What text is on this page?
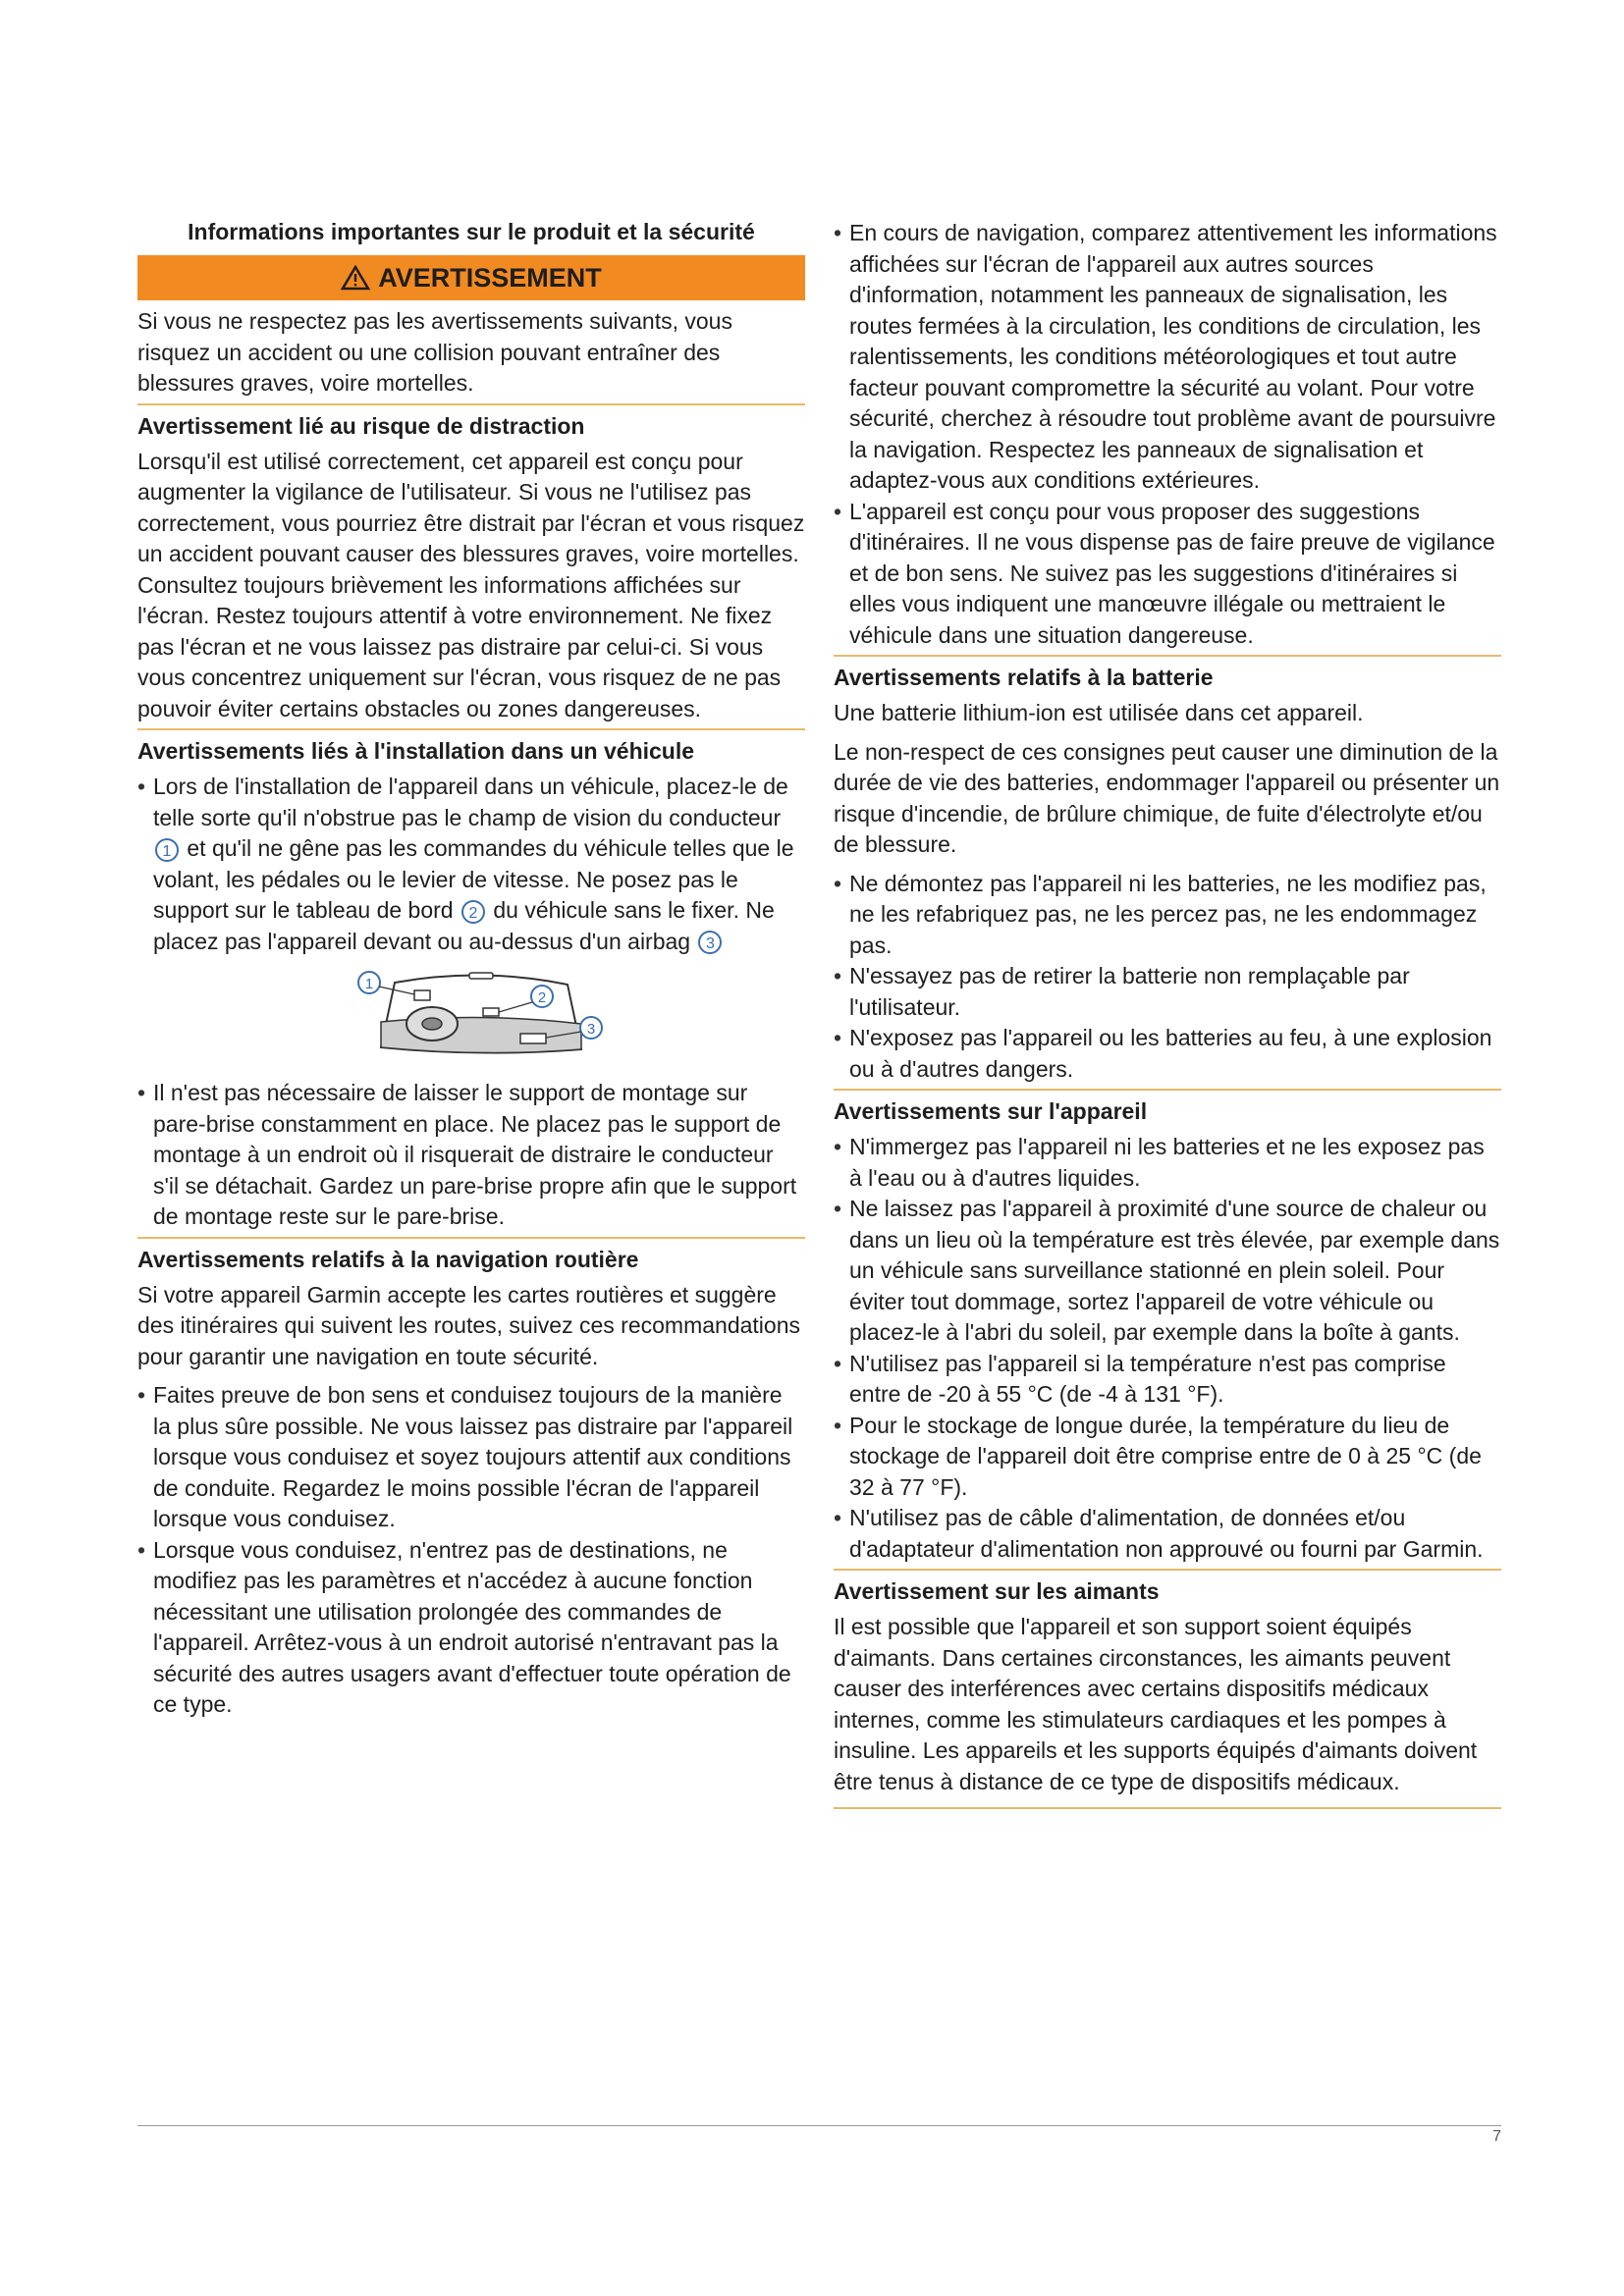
Informations importantes sur le produit et la sécurité

AVERTISSEMENT

Si vous ne respectez pas les avertissements suivants, vous risquez un accident ou une collision pouvant entraîner des blessures graves, voire mortelles.

Avertissement lié au risque de distraction

Lorsqu'il est utilisé correctement, cet appareil est conçu pour augmenter la vigilance de l'utilisateur. Si vous ne l'utilisez pas correctement, vous pourriez être distrait par l'écran et vous risquez un accident pouvant causer des blessures graves, voire mortelles. Consultez toujours brièvement les informations affichées sur l'écran. Restez toujours attentif à votre environnement. Ne fixez pas l'écran et ne vous laissez pas distraire par celui-ci. Si vous vous concentrez uniquement sur l'écran, vous risquez de ne pas pouvoir éviter certains obstacles ou zones dangereuses.

Avertissements liés à l'installation dans un véhicule

• Lors de l'installation de l'appareil dans un véhicule, placez-le de telle sorte qu'il n'obstrue pas le champ de vision du conducteur 1 et qu'il ne gêne pas les commandes du véhicule telles que le volant, les pédales ou le levier de vitesse. Ne posez pas le support sur le tableau de bord 2 du véhicule sans le fixer. Ne placez pas l'appareil devant ou au-dessus d'un airbag 3
1
2
3
• Il n'est pas nécessaire de laisser le support de montage sur pare-brise constamment en place. Ne placez pas le support de montage à un endroit où il risquerait de distraire le conducteur s'il se détachait. Gardez un pare-brise propre afin que le support de montage reste sur le pare-brise.

Avertissements relatifs à la navigation routière

Si votre appareil Garmin accepte les cartes routières et suggère des itinéraires qui suivent les routes, suivez ces recommandations pour garantir une navigation en toute sécurité.

• Faites preuve de bon sens et conduisez toujours de la manière la plus sûre possible. Ne vous laissez pas distraire par l'appareil lorsque vous conduisez et soyez toujours attentif aux conditions de conduite. Regardez le moins possible l'écran de l'appareil lorsque vous conduisez.
• Lorsque vous conduisez, n'entrez pas de destinations, ne modifiez pas les paramètres et n'accédez à aucune fonction nécessitant une utilisation prolongée des commandes de l'appareil. Arrêtez-vous à un endroit autorisé n'entravant pas la sécurité des autres usagers avant d'effectuer toute opération de ce type.
• En cours de navigation, comparez attentivement les informations affichées sur l'écran de l'appareil aux autres sources d'information, notamment les panneaux de signalisation, les routes fermées à la circulation, les conditions de circulation, les ralentissements, les conditions météorologiques et tout autre facteur pouvant compromettre la sécurité au volant. Pour votre sécurité, cherchez à résoudre tout problème avant de poursuivre la navigation. Respectez les panneaux de signalisation et adaptez-vous aux conditions extérieures.
• L'appareil est conçu pour vous proposer des suggestions d'itinéraires. Il ne vous dispense pas de faire preuve de vigilance et de bon sens. Ne suivez pas les suggestions d'itinéraires si elles vous indiquent une manœuvre illégale ou mettraient le véhicule dans une situation dangereuse.

Avertissements relatifs à la batterie

Une batterie lithium-ion est utilisée dans cet appareil.

Le non-respect de ces consignes peut causer une diminution de la durée de vie des batteries, endommager l'appareil ou présenter un risque d'incendie, de brûlure chimique, de fuite d'électrolyte et/ou de blessure.

• Ne démontez pas l'appareil ni les batteries, ne les modifiez pas, ne les refabriquez pas, ne les percez pas, ne les endommagez pas.
• N'essayez pas de retirer la batterie non remplaçable par l'utilisateur.
• N'exposez pas l'appareil ou les batteries au feu, à une explosion ou à d'autres dangers.

Avertissements sur l'appareil

• N'immergez pas l'appareil ni les batteries et ne les exposez pas à l'eau ou à d'autres liquides.
• Ne laissez pas l'appareil à proximité d'une source de chaleur ou dans un lieu où la température est très élevée, par exemple dans un véhicule sans surveillance stationné en plein soleil. Pour éviter tout dommage, sortez l'appareil de votre véhicule ou placez-le à l'abri du soleil, par exemple dans la boîte à gants.
• N'utilisez pas l'appareil si la température n'est pas comprise entre de -20 à 55 °C (de -4 à 131 °F).
• Pour le stockage de longue durée, la température du lieu de stockage de l'appareil doit être comprise entre de 0 à 25 °C (de 32 à 77 °F).
• N'utilisez pas de câble d'alimentation, de données et/ou d'adaptateur d'alimentation non approuvé ou fourni par Garmin.

Avertissement sur les aimants

Il est possible que l'appareil et son support soient équipés d'aimants. Dans certaines circonstances, les aimants peuvent causer des interférences avec certains dispositifs médicaux internes, comme les stimulateurs cardiaques et les pompes à insuline. Les appareils et les supports équipés d'aimants doivent être tenus à distance de ce type de dispositifs médicaux.

7
